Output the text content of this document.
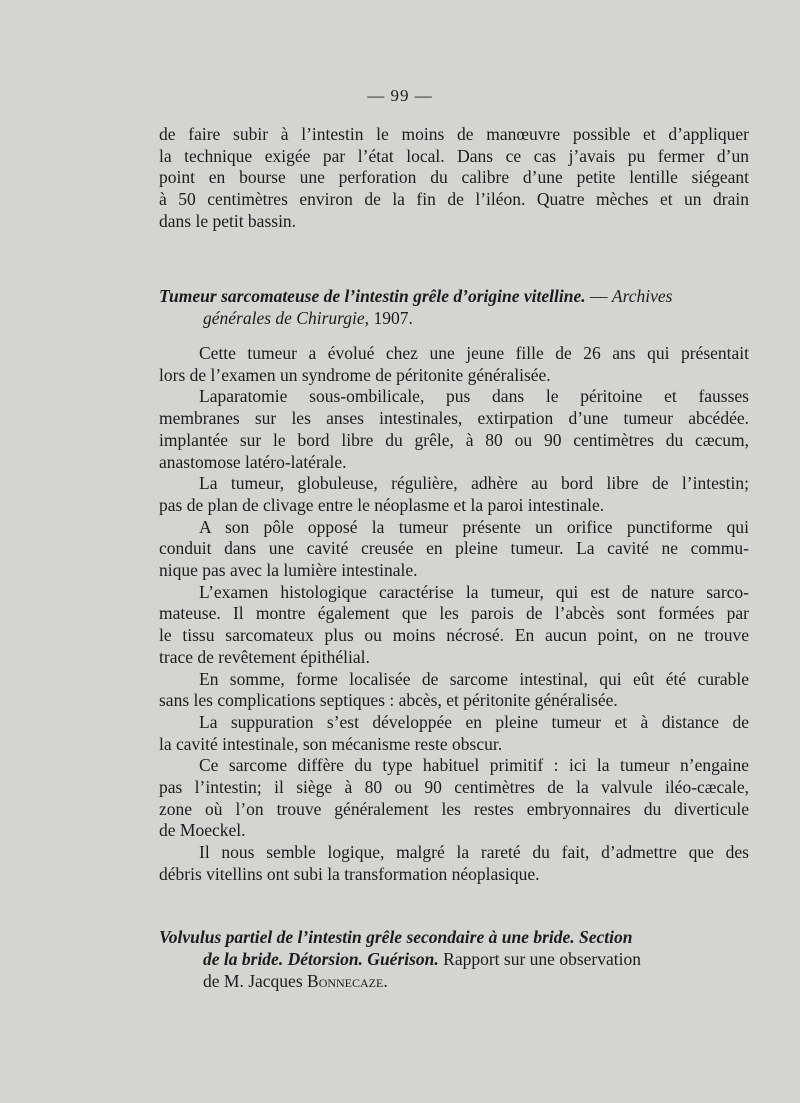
— 99 —
de faire subir à l’intestin le moins de manœuvre possible et d’appliquer
la technique exigée par l’état local. Dans ce cas j’avais pu fermer d’un
point en bourse une perforation du calibre d’une petite lentille siégeant
à 50 centimètres environ de la fin de l’iléon. Quatre mèches et un drain
dans le petit bassin.
Tumeur sarcomateuse de l’intestin grêle d’origine vitelline. — Archives
générales de Chirurgie, 1907.
Cette tumeur a évolué chez une jeune fille de 26 ans qui présentait
lors de l’examen un syndrome de péritonite généralisée.
Laparatomie sous-ombilicale, pus dans le péritoine et fausses
membranes sur les anses intestinales, extirpation d’une tumeur abcédée.
implantée sur le bord libre du grêle, à 80 ou 90 centimètres du cæcum,
anastomose latéro-latérale.
La tumeur, globuleuse, régulière, adhère au bord libre de l’intestin;
pas de plan de clivage entre le néoplasme et la paroi intestinale.
A son pôle opposé la tumeur présente un orifice punctiforme qui
conduit dans une cavité creusée en pleine tumeur. La cavité ne commu-
nique pas avec la lumière intestinale.
L’examen histologique caractérise la tumeur, qui est de nature sarco-
mateuse. Il montre également que les parois de l’abcès sont formées par
le tissu sarcomateux plus ou moins nécrosé. En aucun point, on ne trouve
trace de revêtement épithélial.
En somme, forme localisée de sarcome intestinal, qui eût été curable
sans les complications septiques : abcès, et péritonite généralisée.
La suppuration s’est développée en pleine tumeur et à distance de
la cavité intestinale, son mécanisme reste obscur.
Ce sarcome diffère du type habituel primitif : ici la tumeur n’engaine
pas l’intestin; il siège à 80 ou 90 centimètres de la valvule iléo-cæcale,
zone où l’on trouve généralement les restes embryonnaires du diverticule
de Moeckel.
Il nous semble logique, malgré la rareté du fait, d’admettre que des
débris vitellins ont subi la transformation néoplasique.
Volvulus partiel de l’intestin grêle secondaire à une bride. Section
de la bride. Détorsion. Guérison. Rapport sur une observation
de M. Jacques Bonnecaze.
